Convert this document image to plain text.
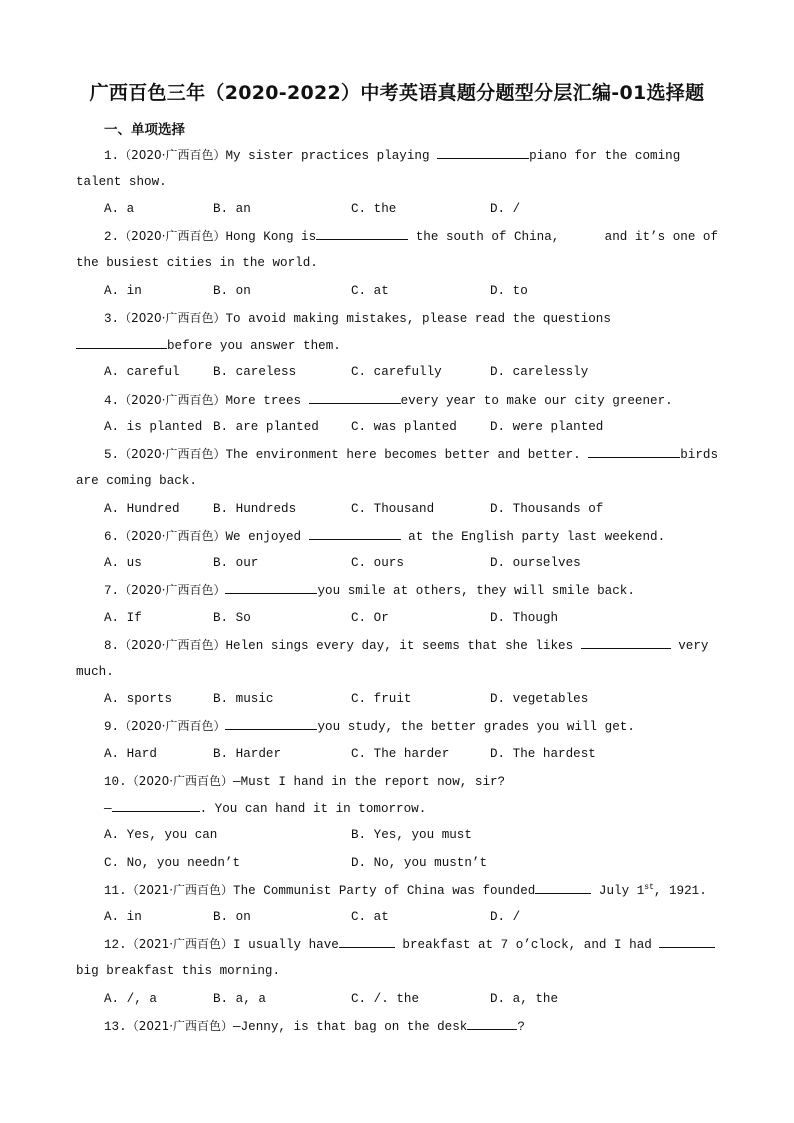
广西百色三年（2020-2022）中考英语真题分题型分层汇编-01选择题
一、单项选择
1.（2020·广西百色）My sister practices playing	piano for the coming
talent show.
A. a	B. an	C. the	D. /
2.（2020·广西百色）Hong Kong is	the south of China,      and it’s one of
the busiest cities in the world.
A. in	B. on	C. at	D. to
3.（2020·广西百色）To avoid making mistakes, please read the questions
before you answer them.
A. careful	B. careless	C. carefully	D. carelessly
4.（2020·广西百色）More trees	every year to make our city greener.
A. is planted B. are planted	C. was planted	D. were planted
5.（2020·广西百色）The environment here becomes better and better.	birds
are coming back.
A. Hundred	B. Hundreds	C. Thousand	D. Thousands of
6.（2020·广西百色）We enjoyed	at the English party last weekend.
A. us	B. our	C. ours	D. ourselves
7.（2020·广西百色）	you smile at others, they will smile back.
A. If	B. So	C. Or	D. Though
8.（2020·广西百色）Helen sings every day, it seems that she likes	very
much.
A. sports	B. music	C. fruit	D. vegetables
9.（2020·广西百色）	you study, the better grades you will get.
A. Hard	B. Harder	C. The harder	D. The hardest
10.（2020·广西百色）—Must I hand in the report now, sir?
—	. You can hand it in tomorrow.
A. Yes, you can	B. Yes, you must
C. No, you needn’t	D. No, you mustn’t
11.（2021·广西百色）The Communist Party of China was founded	July 1st, 1921.
A. in	B. on	C. at	D. /
12.（2021·广西百色）I usually have	breakfast at 7 o’clock, and I had
big breakfast this morning.
A. /, a	B. a, a	C. /. the	D. a, the
13.（2021·广西百色）—Jenny, is that bag on the desk	?
